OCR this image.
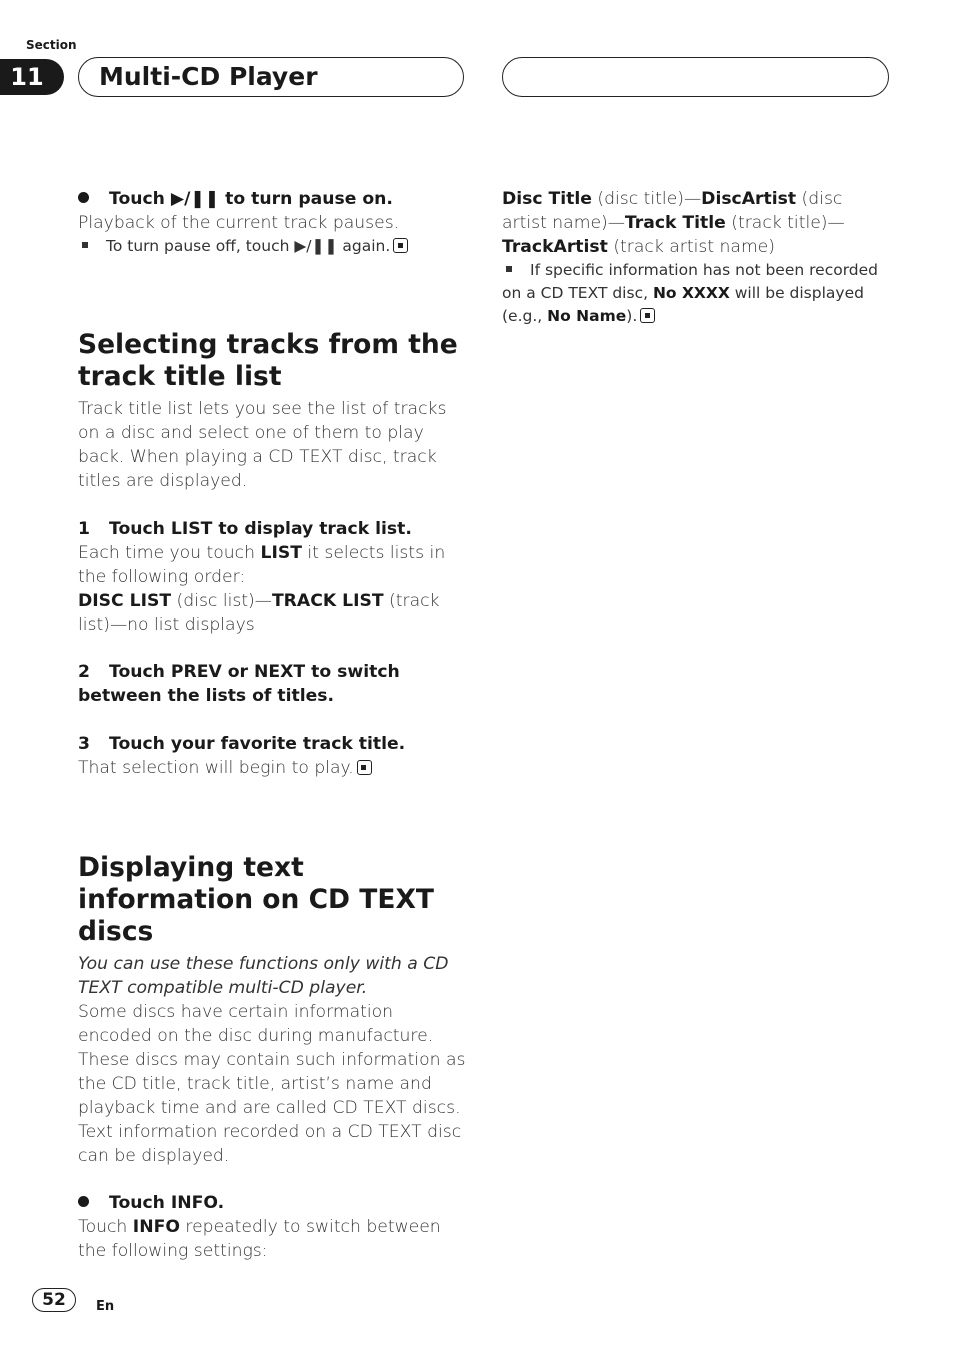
Section
11	Multi-CD Player

Touch ▶/❚❚ to turn pause on.

Playback of the current track pauses.

To turn pause off, touch ▶/❚❚ again.

Selecting tracks from the track title list

Track title list lets you see the list of tracks on a disc and select one of them to play back. When playing a CD TEXT disc, track titles are displayed.

1 Touch LIST to display track list.

Each time you touch LIST it selects lists in the following order:

DISC LIST (disc list)—TRACK LIST (track list)—no list displays

2 Touch PREV or NEXT to switch between the lists of titles.

3 Touch your favorite track title.

That selection will begin to play.

Displaying text information on CD TEXT discs

You can use these functions only with a CD TEXT compatible multi-CD player.

Some discs have certain information encoded on the disc during manufacture. These discs may contain such information as the CD title, track title, artist’s name and playback time and are called CD TEXT discs. Text information recorded on a CD TEXT disc can be displayed.

Touch INFO.

Touch INFO repeatedly to switch between the following settings:

Disc Title (disc title)—DiscArtist (disc artist name)—Track Title (track title)—TrackArtist (track artist name)

If specific information has not been recorded on a CD TEXT disc, No XXXX will be displayed (e.g., No Name).

52	En
